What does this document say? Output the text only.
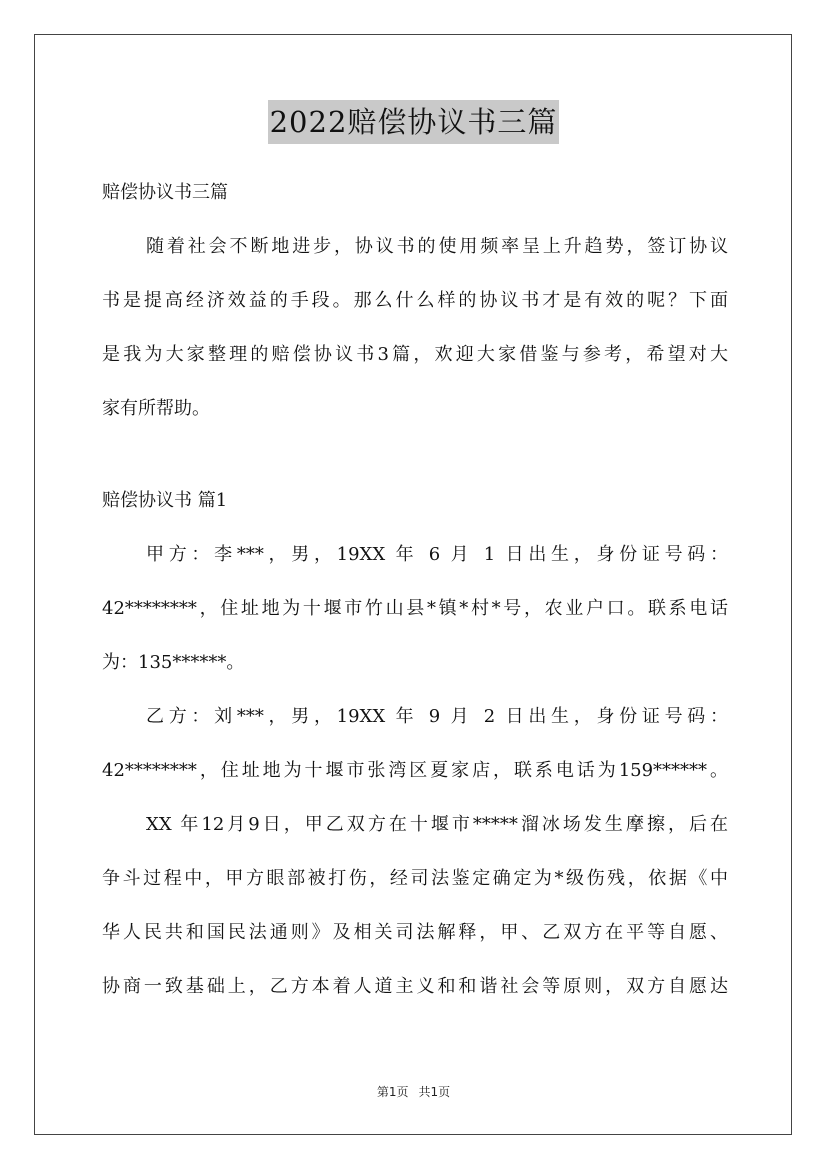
2022赔偿协议书三篇
赔偿协议书三篇
随着社会不断地进步，协议书的使用频率呈上升趋势，签订协议
书是提高经济效益的手段。那么什么样的协议书才是有效的呢？下面
是我为大家整理的赔偿协议书3篇，欢迎大家借鉴与参考，希望对大
家有所帮助。
赔偿协议书 篇1
甲方：李***，男，19XX 年 6 月 1 日出生，身份证号码：
42********，住址地为十堰市竹山县*镇*村*号，农业户口。联系电话
为：135******。
乙方：刘***，男，19XX 年 9 月 2 日出生，身份证号码：
42********，住址地为十堰市张湾区夏家店，联系电话为159******。
XX 年12月9日，甲乙双方在十堰市*****溜冰场发生摩擦，后在
争斗过程中，甲方眼部被打伤，经司法鉴定确定为*级伤残，依据《中
华人民共和国民法通则》及相关司法解释，甲、乙双方在平等自愿、
协商一致基础上，乙方本着人道主义和和谐社会等原则，双方自愿达
第1页 共1页
